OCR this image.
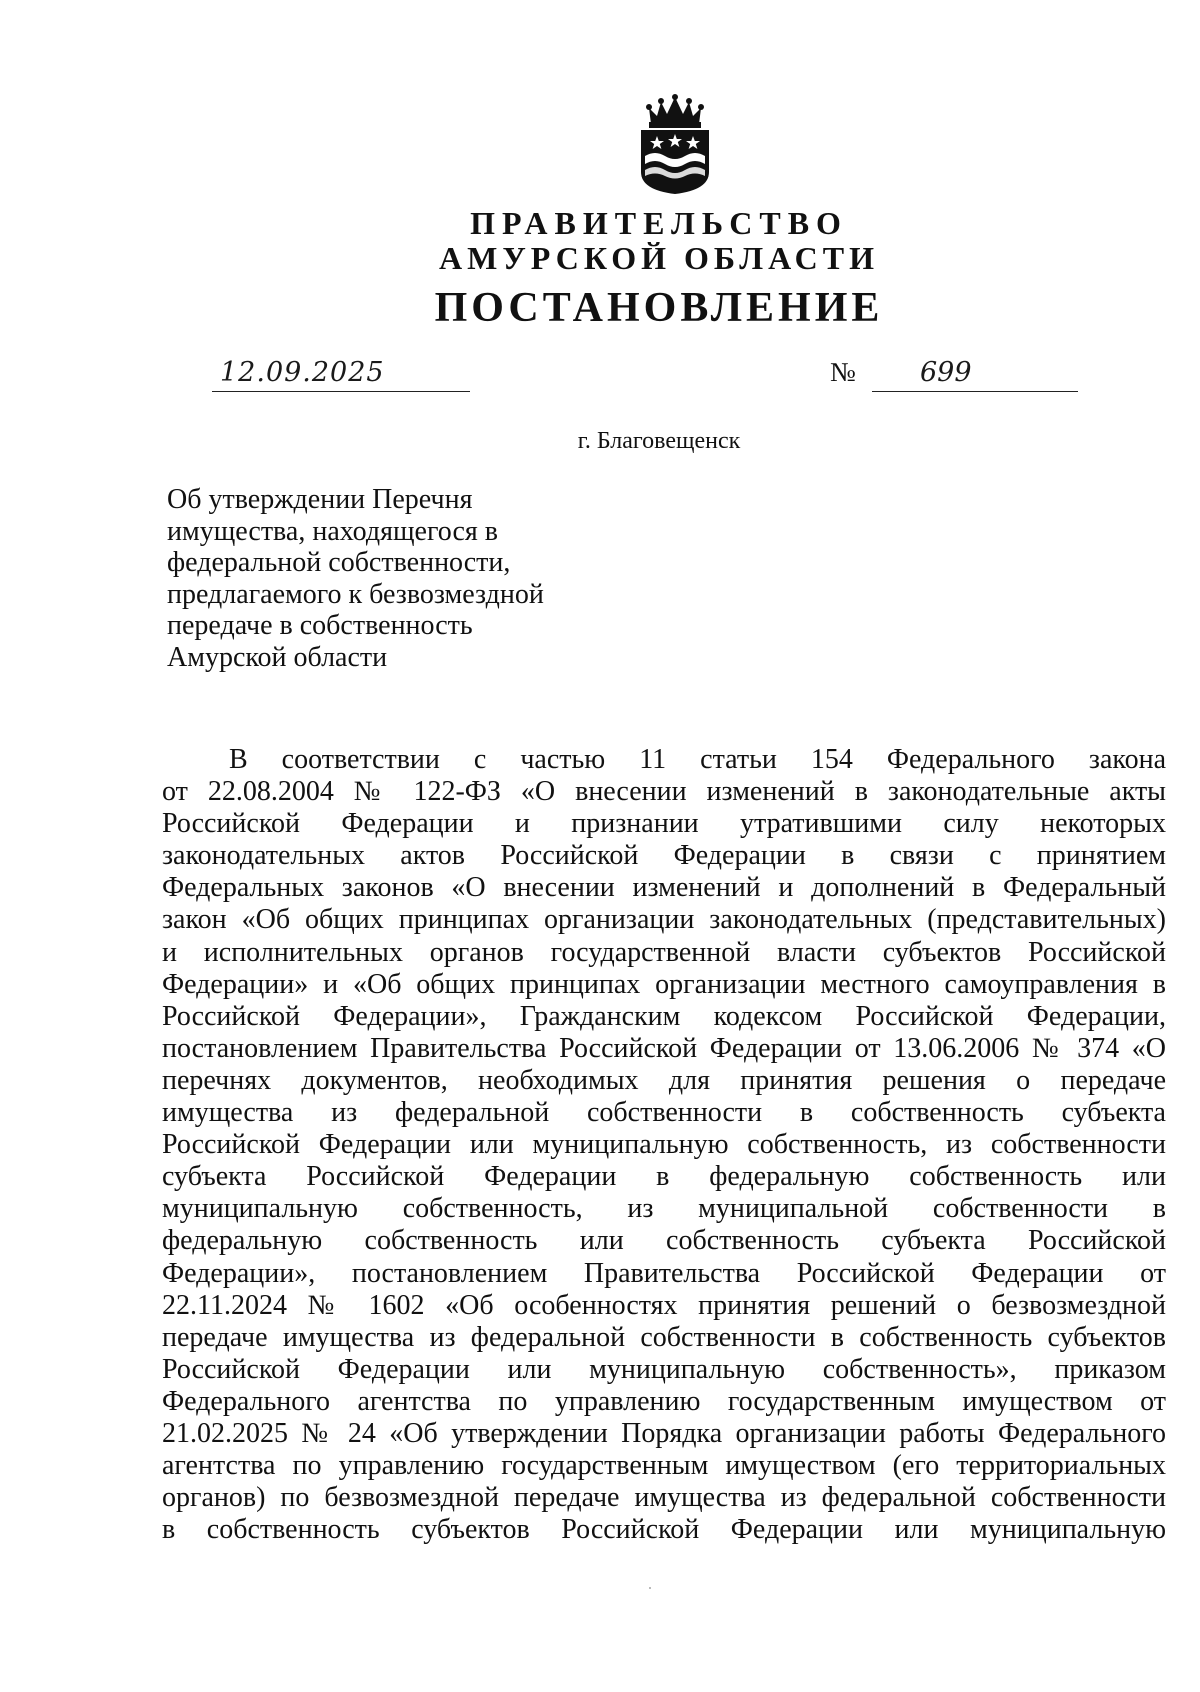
ПРАВИТЕЛЬСТВО
АМУРСКОЙ ОБЛАСТИ
ПОСТАНОВЛЕНИЕ
12.09.2025	№ 699
г. Благовещенск
Об утверждении Перечня
имущества, находящегося в
федеральной собственности,
предлагаемого к безвозмездной
передаче в собственность
Амурской области
В соответствии с частью 11 статьи 154 Федерального закона
от 22.08.2004 № 122-ФЗ «О внесении изменений в законодательные акты
Российской Федерации и признании утратившими силу некоторых
законодательных актов Российской Федерации в связи с принятием
Федеральных законов «О внесении изменений и дополнений в Федеральный
закон «Об общих принципах организации законодательных (представительных)
и исполнительных органов государственной власти субъектов Российской
Федерации» и «Об общих принципах организации местного самоуправления в
Российской Федерации», Гражданским кодексом Российской Федерации,
постановлением Правительства Российской Федерации от 13.06.2006 № 374 «О
перечнях документов, необходимых для принятия решения о передаче
имущества из федеральной собственности в собственность субъекта
Российской Федерации или муниципальную собственность, из собственности
субъекта Российской Федерации в федеральную собственность или
муниципальную собственность, из муниципальной собственности в
федеральную собственность или собственность субъекта Российской
Федерации», постановлением Правительства Российской Федерации от
22.11.2024 № 1602 «Об особенностях принятия решений о безвозмездной
передаче имущества из федеральной собственности в собственность субъектов
Российской Федерации или муниципальную собственность», приказом
Федерального агентства по управлению государственным имуществом от
21.02.2025 № 24 «Об утверждении Порядка организации работы Федерального
агентства по управлению государственным имуществом (его территориальных
органов) по безвозмездной передаче имущества из федеральной собственности
в собственность субъектов Российской Федерации или муниципальную
